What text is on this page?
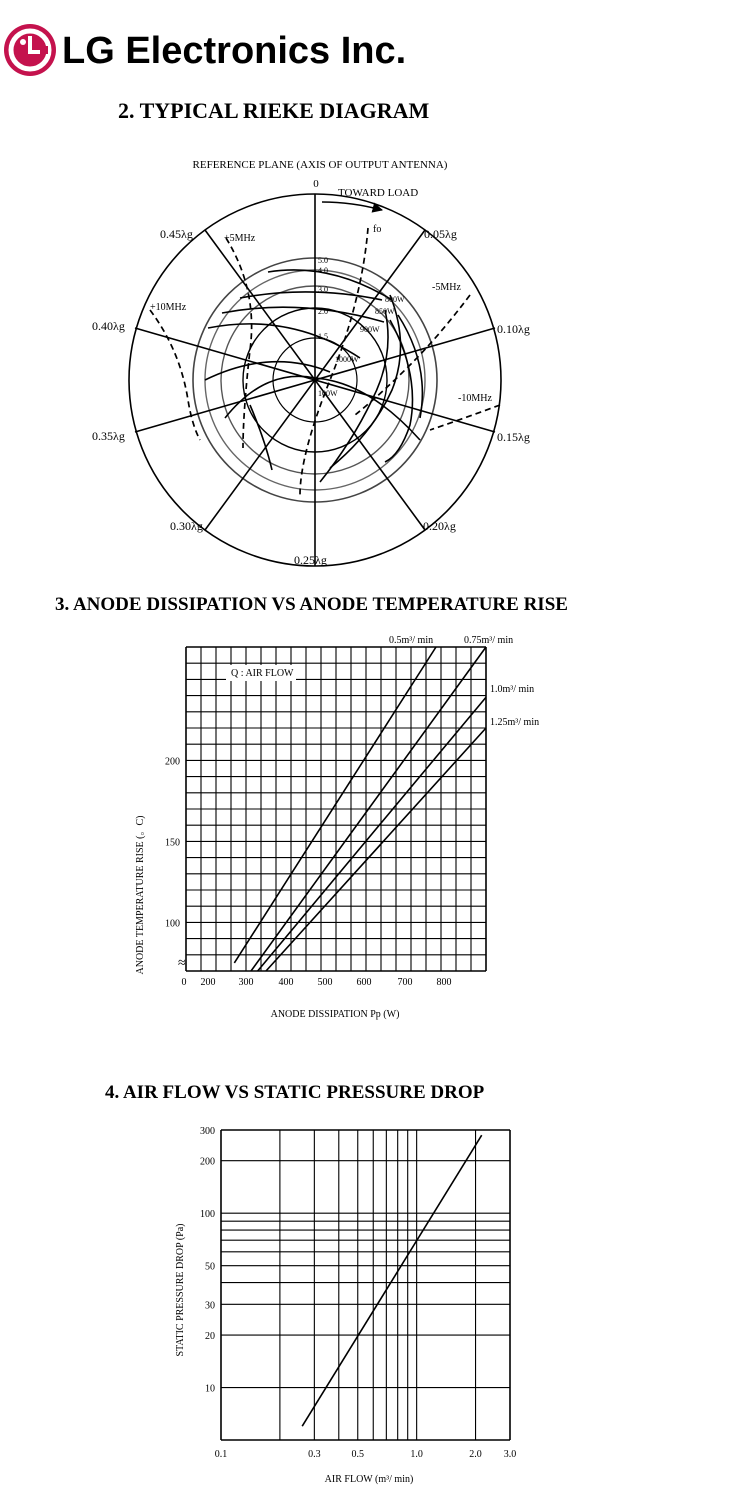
LG Electronics Inc.
2. TYPICAL RIEKE DIAGRAM
REFERENCE PLANE (AXIS OF OUTPUT ANTENNA)
0
TOWARD LOAD
0.45λg	0.05λg
0.40λg	0.10λg
0.35λg	0.15λg
0.30λg	0.20λg
0.25λg
fo
+5MHz
+10MHz
-5MHz
-10MHz
5.0
4.0
3.0
2.0
1.5
800W
850W
900W
1000W
100W
3. ANODE DISSIPATION VS ANODE TEMPERATURE RISE
ANODE TEMPERATURE RISE (。C)
ANODE DISSIPATION Pp (W)
Q : AIR FLOW
0.5m³/ min	0.75m³/ min
1.0m³/ min
1.25m³/ min
100
150
200
0 200 300	400 500 600	700 800
≈
4. AIR FLOW VS STATIC PRESSURE DROP
STATIC PRESSURE DROP (Pa)
AIR FLOW (m³/ min)
10
20
30
50
100
200
300
0.1	0.3	0.5	1.0	2.0 3.0
